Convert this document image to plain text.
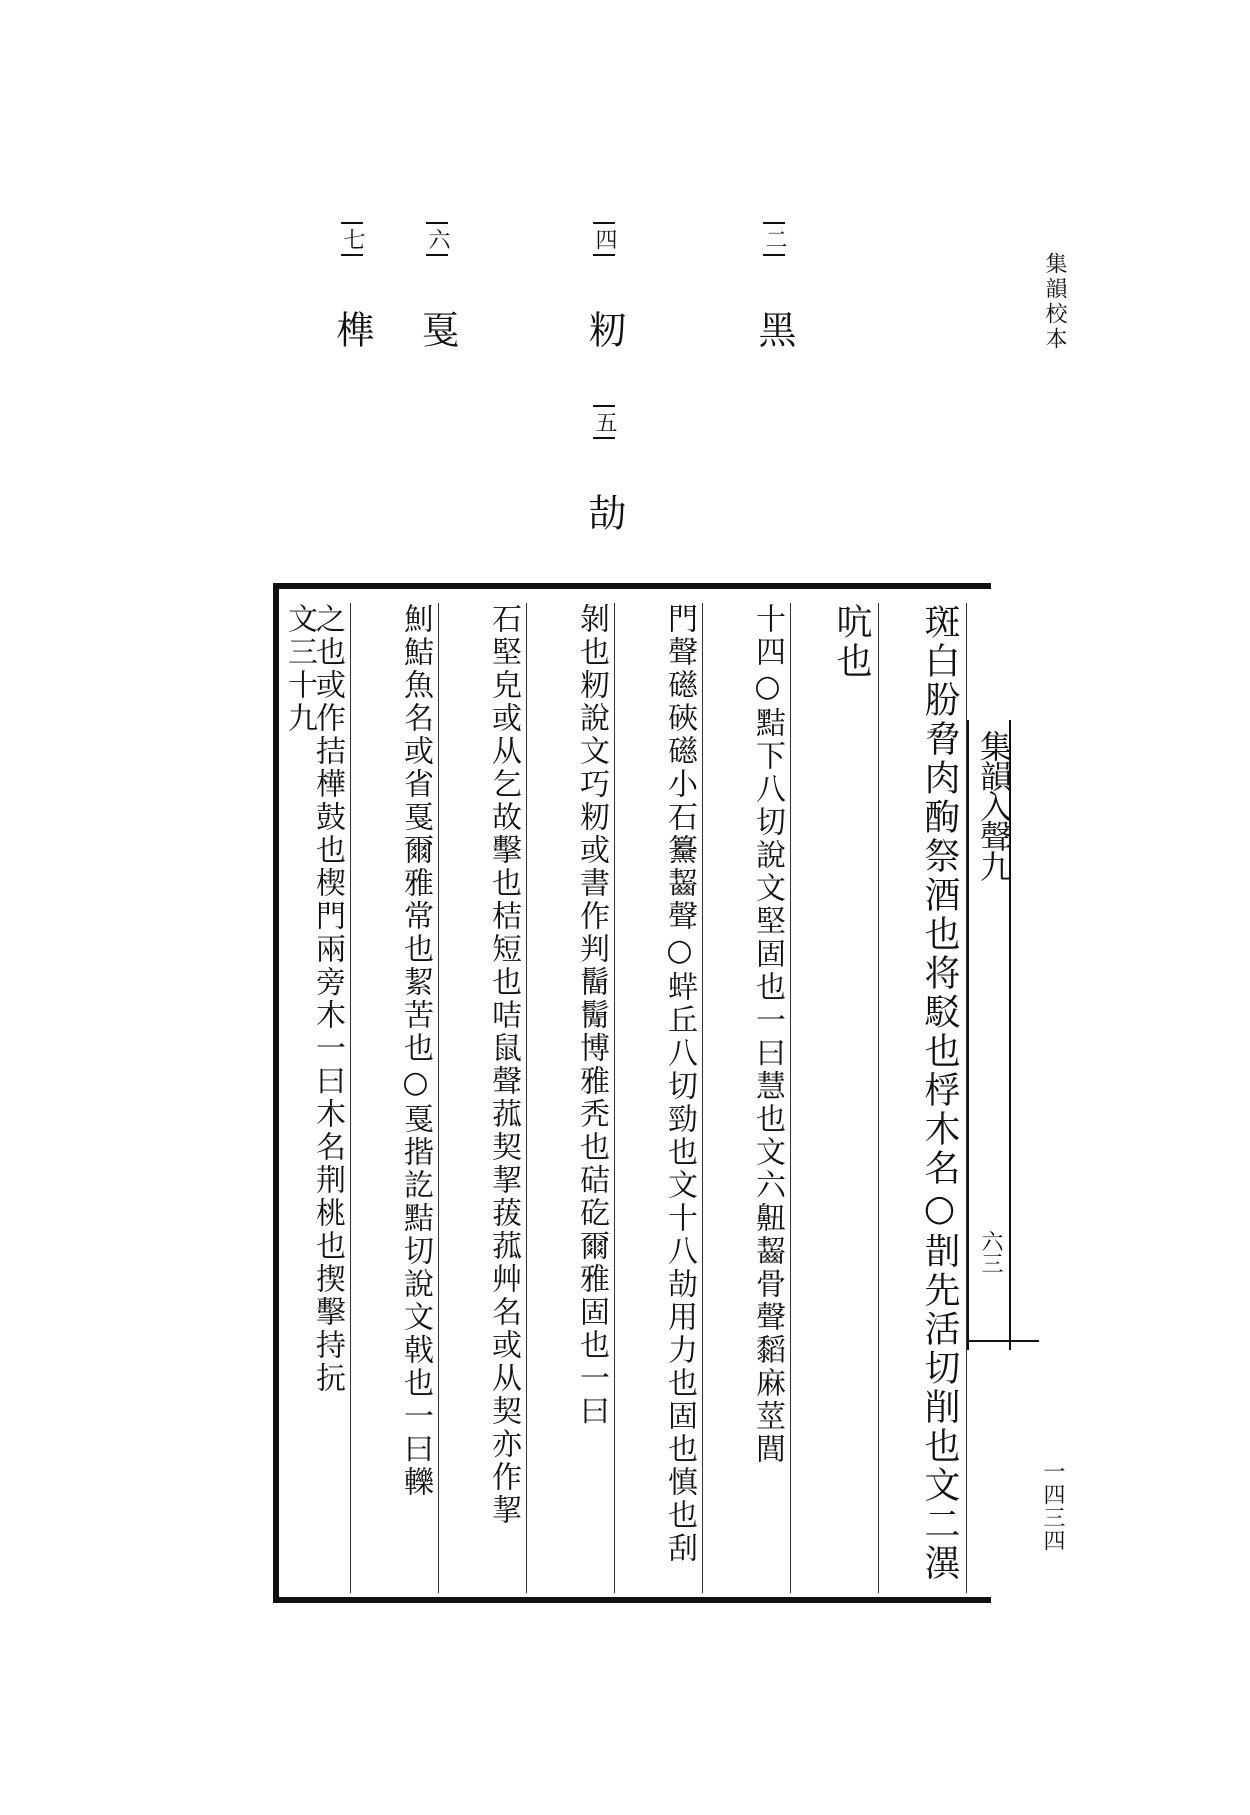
集韻校本
一四三四
二 黑
四 籾
五 劼
六 戛
七 榫
集韻入聲九
六三
斑白肦脅肉䣱祭酒也将駁也桴木名○剒先活切削也文二潩
吭也
十四○黠下八切說文堅固也一曰慧也文六䶊齧骨聲䵚麻莖閭
門聲礠硤礠小石䵵齧聲○䖹丘八切勁也文十八劼用力也固也慎也刮
剝也籾說文巧籾或書作判鬝鬜博雅秃也硈矻爾雅固也一曰
石堅皃或从乞故擊也桔短也咭鼠聲菰契挈菝菰艸名或从契亦作挈
魝鮚魚名或省戛爾雅常也絜苦也○戛揩訖黠切說文戟也一曰轢
之也或作拮樺鼓也楔門兩旁木一曰木名荆桃也揳擊持抏
文三十九
